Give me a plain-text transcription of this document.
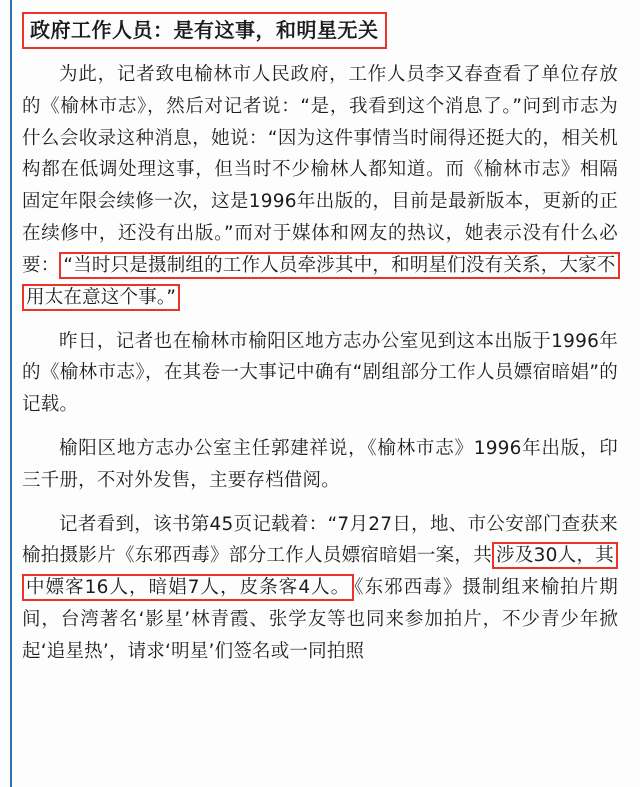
政府工作人员：是有这事，和明星无关

为此，记者致电榆林市人民政府，工作人员李又春查看了单位存放的《榆林市志》，然后对记者说：“是，我看到这个消息了。”问到市志为什么会收录这种消息，她说：“因为这件事情当时闹得还挺大的，相关机构都在低调处理这事，但当时不少榆林人都知道。而《榆林市志》相隔固定年限会续修一次，这是1996年出版的，目前是最新版本，更新的正在续修中，还没有出版。”而对于媒体和网友的热议，她表示没有什么必要： “当时只是摄制组的工作人员牵涉其中，和明星们没有关系，大家不用太在意这个事。”

昨日，记者也在榆林市榆阳区地方志办公室见到这本出版于1996年的《榆林市志》，在其卷一大事记中确有“剧组部分工作人员嫖宿暗娼”的记载。

榆阳区地方志办公室主任郭建祥说，《榆林市志》1996年出版，印三千册，不对外发售，主要存档借阅。

记者看到，该书第45页记载着：“7月27日，地、市公安部门查获来榆拍摄影片《东邪西毒》部分工作人员嫖宿暗娼一案，共 涉及30人，其中嫖客16人，暗娼7人，皮条客4人。 《东邪西毒》摄制组来榆拍片期间，台湾著名‘影星’林青霞、张学友等也同来参加拍片，不少青少年掀起‘追星热’，请求‘明星’们签名或一同拍照
